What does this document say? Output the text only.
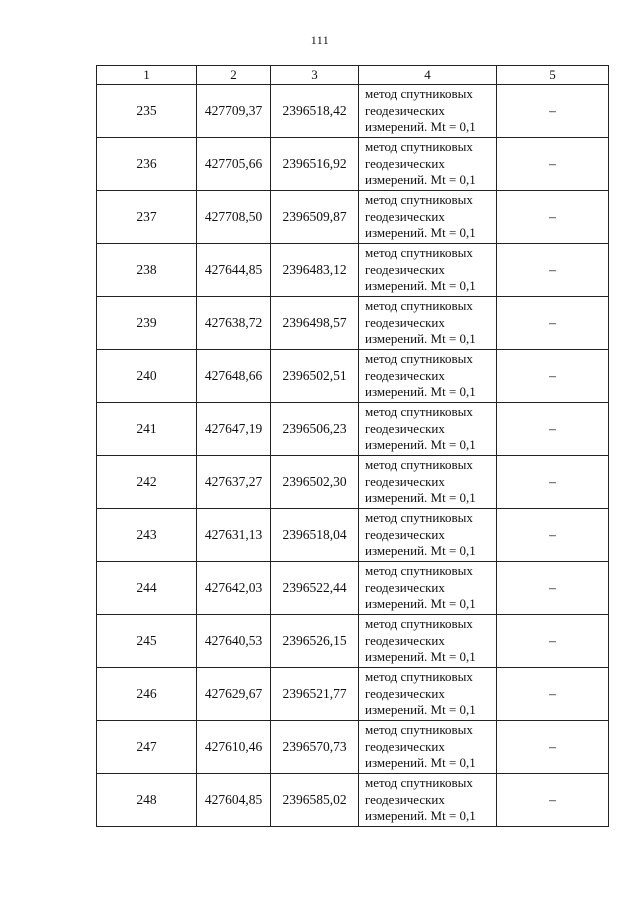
111
1	2	3	4	5
235	427709,37	2396518,42	метод спутниковых
геодезических
измерений. Mt = 0,1	–
236	427705,66	2396516,92	метод спутниковых
геодезических
измерений. Mt = 0,1	–
237	427708,50	2396509,87	метод спутниковых
геодезических
измерений. Mt = 0,1	–
238	427644,85	2396483,12	метод спутниковых
геодезических
измерений. Mt = 0,1	–
239	427638,72	2396498,57	метод спутниковых
геодезических
измерений. Mt = 0,1	–
240	427648,66	2396502,51	метод спутниковых
геодезических
измерений. Mt = 0,1	–
241	427647,19	2396506,23	метод спутниковых
геодезических
измерений. Mt = 0,1	–
242	427637,27	2396502,30	метод спутниковых
геодезических
измерений. Mt = 0,1	–
243	427631,13	2396518,04	метод спутниковых
геодезических
измерений. Mt = 0,1	–
244	427642,03	2396522,44	метод спутниковых
геодезических
измерений. Mt = 0,1	–
245	427640,53	2396526,15	метод спутниковых
геодезических
измерений. Mt = 0,1	–
246	427629,67	2396521,77	метод спутниковых
геодезических
измерений. Mt = 0,1	–
247	427610,46	2396570,73	метод спутниковых
геодезических
измерений. Mt = 0,1	–
248	427604,85	2396585,02	метод спутниковых
геодезических
измерений. Mt = 0,1	–
